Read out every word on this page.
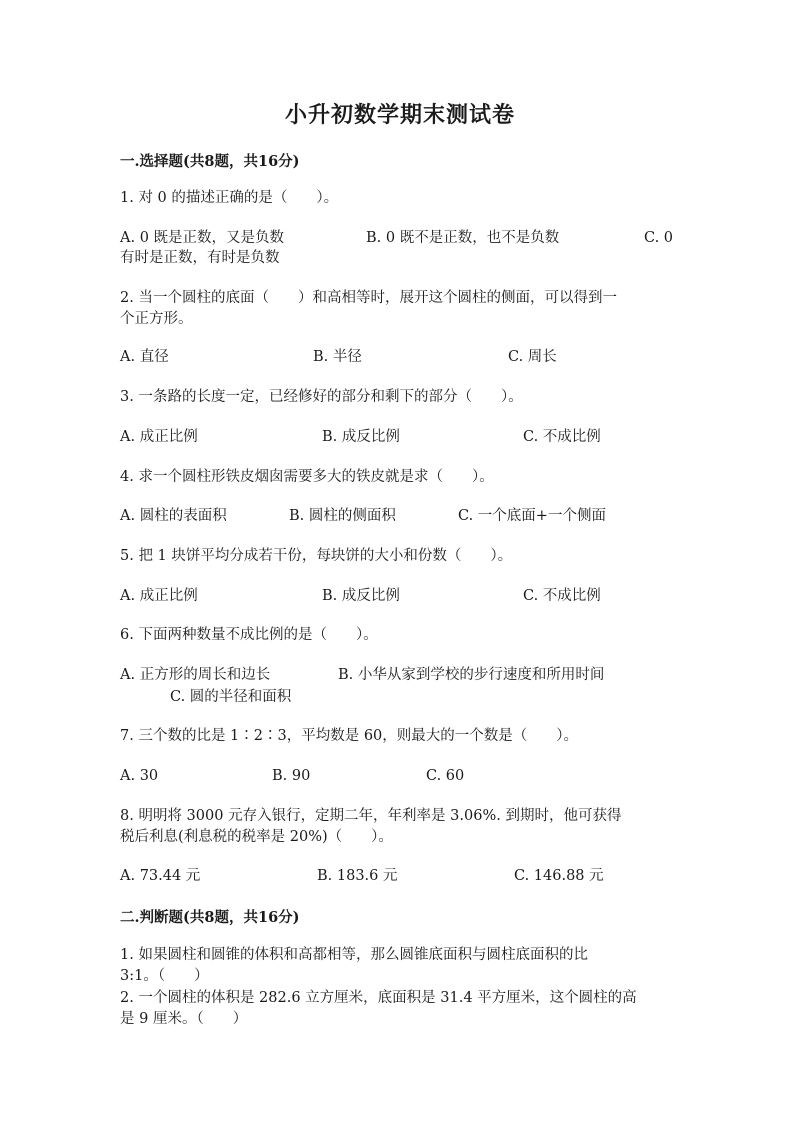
小升初数学期末测试卷
一.选择题(共8题，共16分)
1. 对 0 的描述正确的是（　　）。
A. 0 既是正数，又是负数	B. 0 既不是正数，也不是负数	C. 0
有时是正数，有时是负数
2. 当一个圆柱的底面（　　）和高相等时，展开这个圆柱的侧面，可以得到一
个正方形。
A. 直径	B. 半径	C. 周长
3. 一条路的长度一定，已经修好的部分和剩下的部分（　　）。
A. 成正比例	B. 成反比例	C. 不成比例
4. 求一个圆柱形铁皮烟囱需要多大的铁皮就是求（　　）。
A. 圆柱的表面积	B. 圆柱的侧面积	C. 一个底面+一个侧面
5. 把 1 块饼平均分成若干份，每块饼的大小和份数（　　）。
A. 成正比例	B. 成反比例	C. 不成比例
6. 下面两种数量不成比例的是（　　）。
A. 正方形的周长和边长	B. 小华从家到学校的步行速度和所用时间
C. 圆的半径和面积
7. 三个数的比是 1∶2∶3，平均数是 60，则最大的一个数是（　　）。
A. 30	B. 90	C. 60
8. 明明将 3000 元存入银行，定期二年，年利率是 3.06%. 到期时，他可获得
税后利息(利息税的税率是 20%)（　　）。
A. 73.44 元	B. 183.6 元	C. 146.88 元
二.判断题(共8题，共16分)
1. 如果圆柱和圆锥的体积和高都相等，那么圆锥底面积与圆柱底面积的比
3:1。（　　）
2. 一个圆柱的体积是 282.6 立方厘米，底面积是 31.4 平方厘米，这个圆柱的高
是 9 厘米。（　　）
